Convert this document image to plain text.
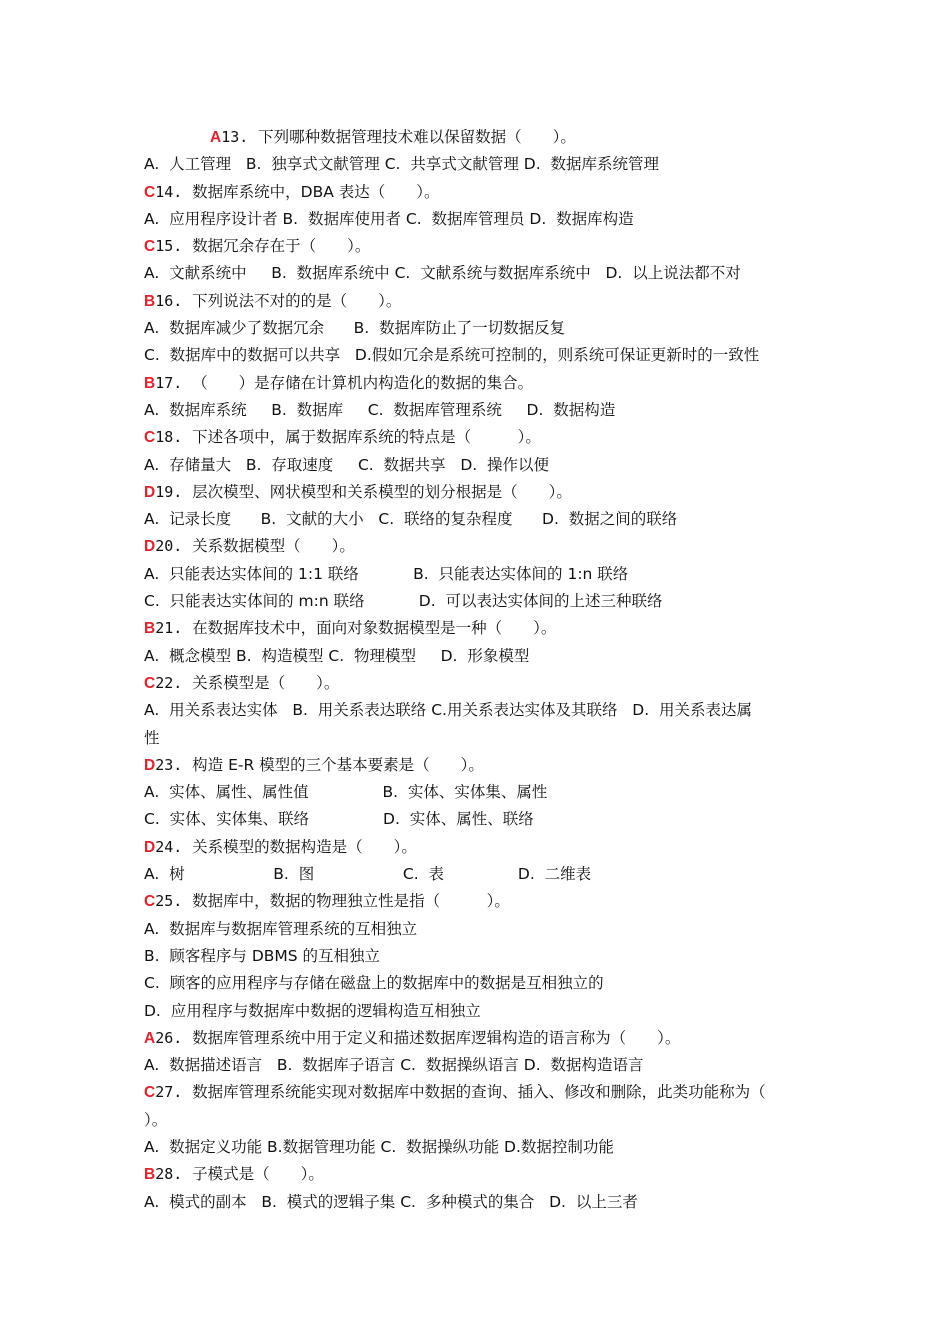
A13. 下列哪种数据管理技术难以保留数据（　　）。
A.  人工管理   B.  独享式文献管理 C.  共享式文献管理 D.  数据库系统管理
C14. 数据库系统中，DBA 表达（　　）。
A.  应用程序设计者 B.  数据库使用者 C.  数据库管理员 D.  数据库构造
C15. 数据冗余存在于（　　）。
A.  文献系统中     B.  数据库系统中 C.  文献系统与数据库系统中   D.  以上说法都不对
B16. 下列说法不对的的是（　　）。
A.  数据库减少了数据冗余      B.  数据库防止了一切数据反复
C.  数据库中的数据可以共享   D.假如冗余是系统可控制的，则系统可保证更新时的一致性
B17. （　　）是存储在计算机内构造化的数据的集合。
A.  数据库系统     B.  数据库     C.  数据库管理系统     D.  数据构造
C18. 下述各项中，属于数据库系统的特点是（　　　）。
A.  存储量大   B.  存取速度     C.  数据共享   D.  操作以便
D19. 层次模型、网状模型和关系模型的划分根据是（　　）。
A.  记录长度      B.  文献的大小   C.  联络的复杂程度      D.  数据之间的联络
D20. 关系数据模型（　　）。
A.  只能表达实体间的 1:1 联络           B.  只能表达实体间的 1:n 联络
C.  只能表达实体间的 m:n 联络           D.  可以表达实体间的上述三种联络
B21. 在数据库技术中，面向对象数据模型是一种（　　）。
A.  概念模型 B.  构造模型 C.  物理模型     D.  形象模型
C22. 关系模型是（　　）。
A.  用关系表达实体   B.  用关系表达联络 C.用关系表达实体及其联络   D.  用关系表达属
性
D23. 构造 E-R 模型的三个基本要素是（　　）。
A.  实体、属性、属性值               B.  实体、实体集、属性
C.  实体、实体集、联络               D.  实体、属性、联络
D24. 关系模型的数据构造是（　　）。
A.  树                  B.  图                  C.  表               D.  二维表
C25. 数据库中，数据的物理独立性是指（　　　）。
A.  数据库与数据库管理系统的互相独立
B.  顾客程序与 DBMS 的互相独立
C.  顾客的应用程序与存储在磁盘上的数据库中的数据是互相独立的
D.  应用程序与数据库中数据的逻辑构造互相独立
A26. 数据库管理系统中用于定义和描述数据库逻辑构造的语言称为（　　）。
A.  数据描述语言   B.  数据库子语言 C.  数据操纵语言 D.  数据构造语言
C27. 数据库管理系统能实现对数据库中数据的查询、插入、修改和删除，此类功能称为（
）。
A.  数据定义功能 B.数据管理功能 C.  数据操纵功能 D.数据控制功能
B28. 子模式是（　　）。
A.  模式的副本   B.  模式的逻辑子集 C.  多种模式的集合   D.  以上三者
